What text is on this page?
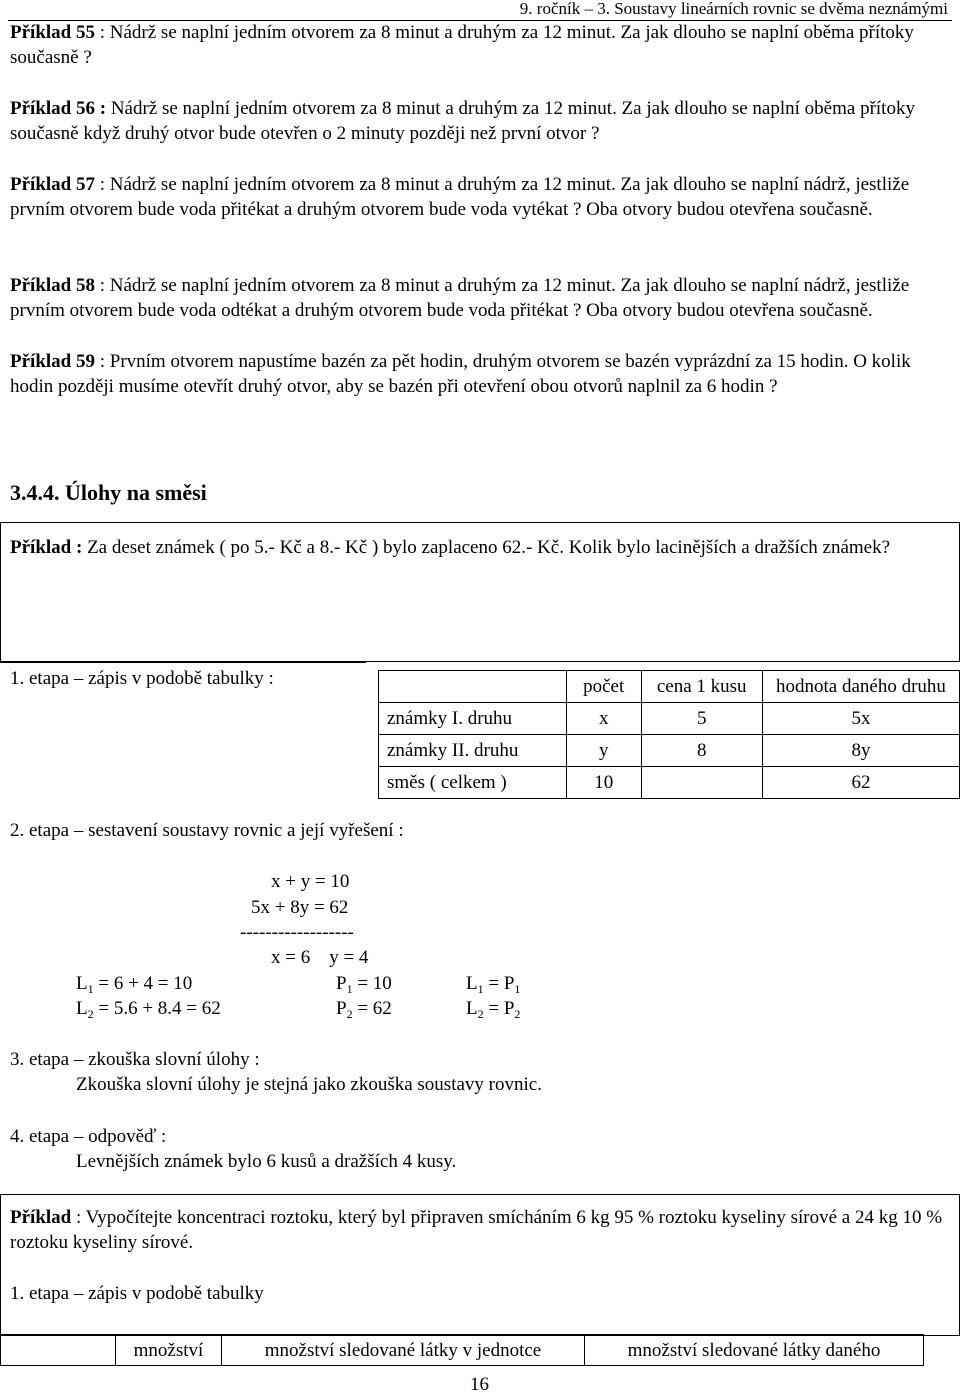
9. ročník – 3. Soustavy lineárních rovnic se dvěma neznámými
Příklad 55 : Nádrž se naplní jedním otvorem za 8 minut a druhým za 12 minut. Za jak dlouho se naplní oběma přítoky současně ?
Příklad 56 : Nádrž se naplní jedním otvorem za 8 minut a druhým za 12 minut. Za jak dlouho se naplní oběma přítoky současně když druhý otvor bude otevřen o 2 minuty později než první otvor ?
Příklad 57 : Nádrž se naplní jedním otvorem za 8 minut a druhým za 12 minut. Za jak dlouho se naplní nádrž, jestliže prvním otvorem bude voda přitékat a druhým otvorem bude voda vytékat ? Oba otvory budou otevřena současně.
Příklad 58 : Nádrž se naplní jedním otvorem za 8 minut a druhým za 12 minut. Za jak dlouho se naplní nádrž, jestliže prvním otvorem bude voda odtékat a druhým otvorem bude voda přitékat ? Oba otvory budou otevřena současně.
Příklad 59 : Prvním otvorem napustíme bazén za pět hodin, druhým otvorem se bazén vyprázdní za 15 hodin. O kolik hodin později musíme otevřít druhý otvor, aby se bazén při otevření obou otvorů naplnil za 6 hodin ?
3.4.4. Úlohy na směsi
Příklad : Za deset známek ( po 5.- Kč a 8.- Kč ) bylo zaplaceno 62.- Kč. Kolik bylo lacinějších a dražších známek?
1. etapa – zápis v podobě tabulky :
		počet	cena 1 kusu	hodnota daného druhu
známky I. druhu	x	5	5x
známky II. druhu	y	8	8y
směs ( celkem )	10		62
2. etapa – sestavení soustavy rovnic a její vyřešení :
x + y = 10
5x + 8y = 62
------------------
x = 6    y = 4
$L_1 = 6 + 4 = 10$
$L_2 = 5.6 + 8.4 = 62$
$P_1 = 10$
$P_2 = 62$
$L_1 = P_1$
$L_2 = P_2$
3. etapa – zkouška slovní úlohy :
Zkouška slovní úlohy je stejná jako zkouška soustavy rovnic.
4. etapa – odpověď :
Levnějších známek bylo 6 kusů a dražších 4 kusy.
Příklad : Vypočítejte koncentraci roztoku, který byl připraven smícháním 6 kg 95 % roztoku kyseliny sírové a 24 kg 10 % roztoku kyseliny sírové.
1. etapa – zápis v podobě tabulky
	množství	množství sledované látky v jednotce	množství sledované látky daného
16
